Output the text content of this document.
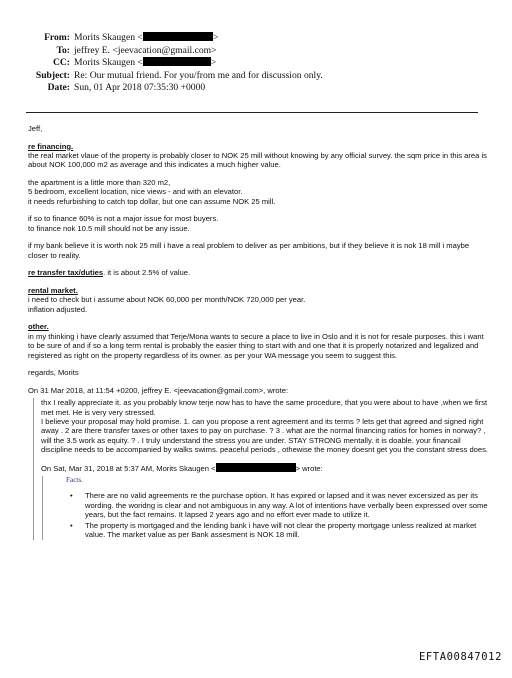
From: Morits Skaugen <	>
To: jeffrey E. <jeevacation@gmail.com>
CC: Morits Skaugen <	>
Subject: Re: Our mutual friend. For you/from me and for discussion only.
Date: Sun, 01 Apr 2018 07:35:30 +0000

Jeff,

re financing.
the real market vlaue of the property is probably closer to NOK 25 mill without knowing by any official survey. the sqm price in this area is about NOK 100,000 m2 as average and this indicates a much higher value.

the apartment is a little more than 320 m2,
5 bedroom, excellent location, nice views - and with an elevator.
it needs refurbishing to catch top dollar, but one can assume NOK 25 mill.

if so to finance 60% is not a major issue for most buyers.
to finance nok 10.5 mill should not be any issue.

if my bank believe it is worth nok 25 mill i have a real problem to deliver as per ambitions, but if they believe it is nok 18 mill i maybe closer to reality.

re transfer tax/duties. it is about 2.5% of value.

rental market.
i need to check but i assume about NOK 60,000 per month/NOK 720,000 per year.
inflation adjusted.

other.
in my thinking i have clearly assumed that Terje/Mona wants to secure a place to live in Oslo and it is not for resale purposes. this i want to be sure of and if so a long term rental is probably the easier thing to start with and one that it is properly notarized and legalized and registered as right on the property regardless of its owner. as per your WA message you seem to suggest this.

regards, Morits

On 31 Mar 2018, at 11:54 +0200, jeffrey E. <jeevacation@gmail.com>, wrote:

thx I really appreciate it. as you probably know terje now has to have the same procedure, that you were about to have ,when we first met met. He is very very stressed.
I believe your proposal may hold promise. 1. can you propose a rent agreement and its terms ? lets get that agreed and signed right away . 2 are there transfer taxes or other taxes to pay on purchase. ? 3 . what are the normal financing ratios for homes in norway? , will the 3.5 work as equity. ? . I truly understand the stress you are under. STAY STRONG mentally. it is doable. your financail discipline needs to be accompanied by walks swims. peaceful periods , othewise the money doesnt get you the constant stress does.

On Sat, Mar 31, 2018 at 5:37 AM, Morits Skaugen <	> wrote:

Facts.
• There are no valid agreements re the purchase option. It has expired or lapsed and it was never excersized as per its wording. the woridng is clear and not ambiguous in any way. A lot of intentions have verbally been expressed over some years, but the fact remains. It lapsed 2 years ago and no effort ever made to utilize it.
• The property is mortgaged and the lending bank i have will not clear the property mortgage unless realized at market value. The market value as per Bank assesment is NOK 18 mill.
EFTA00847012
